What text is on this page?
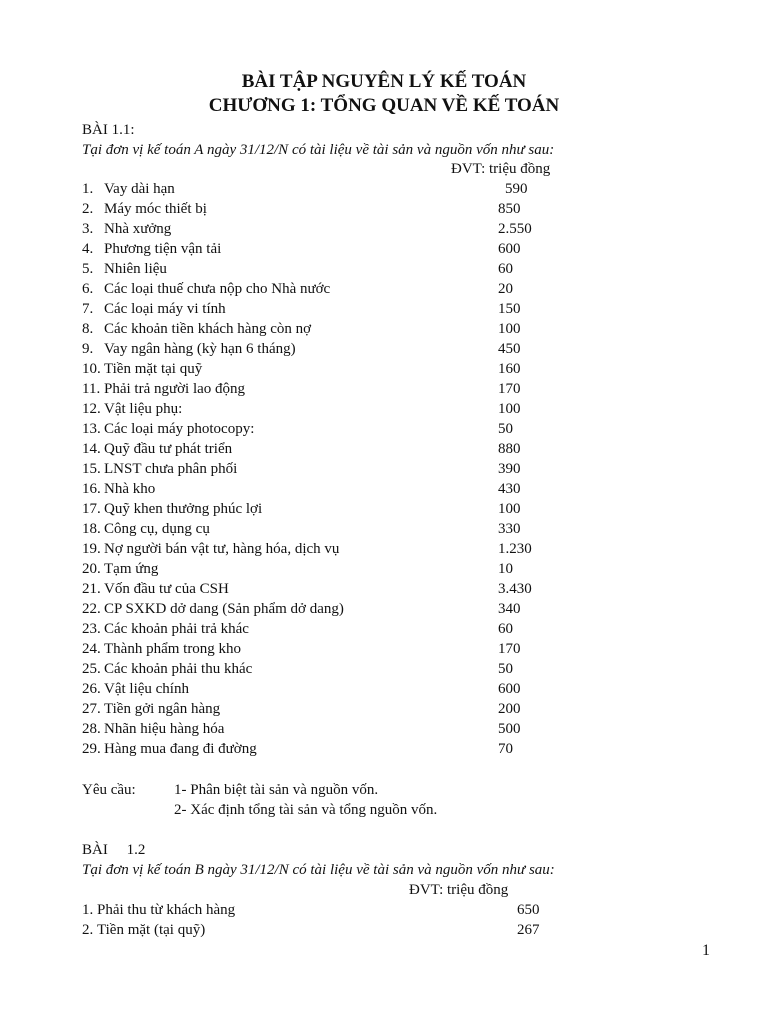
BÀI TẬP NGUYÊN LÝ KẾ TOÁN
CHƯƠNG 1: TỔNG QUAN VỀ KẾ TOÁN
BÀI 1.1:
Tại đơn vị kế toán A ngày 31/12/N có tài liệu về tài sản và nguồn vốn như sau:
ĐVT: triệu đồng
1. Vay dài hạn	590
2. Máy móc thiết bị	850
3. Nhà xưởng	2.550
4. Phương tiện vận tải	600
5. Nhiên liệu	60
6. Các loại thuế chưa nộp cho Nhà nước	20
7. Các loại máy vi tính	150
8. Các khoản tiền khách hàng còn nợ	100
9. Vay ngân hàng (kỳ hạn 6 tháng)	450
10. Tiền mặt tại quỹ	160
11. Phải trả người lao động	170
12. Vật liệu phụ:	100
13. Các loại máy photocopy:	50
14. Quỹ đầu tư phát triển	880
15. LNST chưa phân phối	390
16. Nhà kho	430
17. Quỹ khen thưởng phúc lợi	100
18. Công cụ, dụng cụ	330
19. Nợ người bán vật tư, hàng hóa, dịch vụ	1.230
20. Tạm ứng	10
21. Vốn đầu tư của CSH	3.430
22. CP SXKD dở dang (Sản phẩm dở dang)	340
23. Các khoản phải trả khác	60
24. Thành phẩm trong kho	170
25. Các khoản phải thu khác	50
26. Vật liệu chính	600
27. Tiền gởi ngân hàng	200
28. Nhãn hiệu hàng hóa	500
29. Hàng mua đang đi đường	70
Yêu cầu:	1- Phân biệt tài sản và nguồn vốn.
2- Xác định tổng tài sản và tổng nguồn vốn.
BÀI     1.2
Tại đơn vị kế toán B ngày 31/12/N có tài liệu về tài sản và nguồn vốn như sau:
ĐVT: triệu đồng
1. Phải thu từ khách hàng	650
2. Tiền mặt (tại quỹ)	267
1
